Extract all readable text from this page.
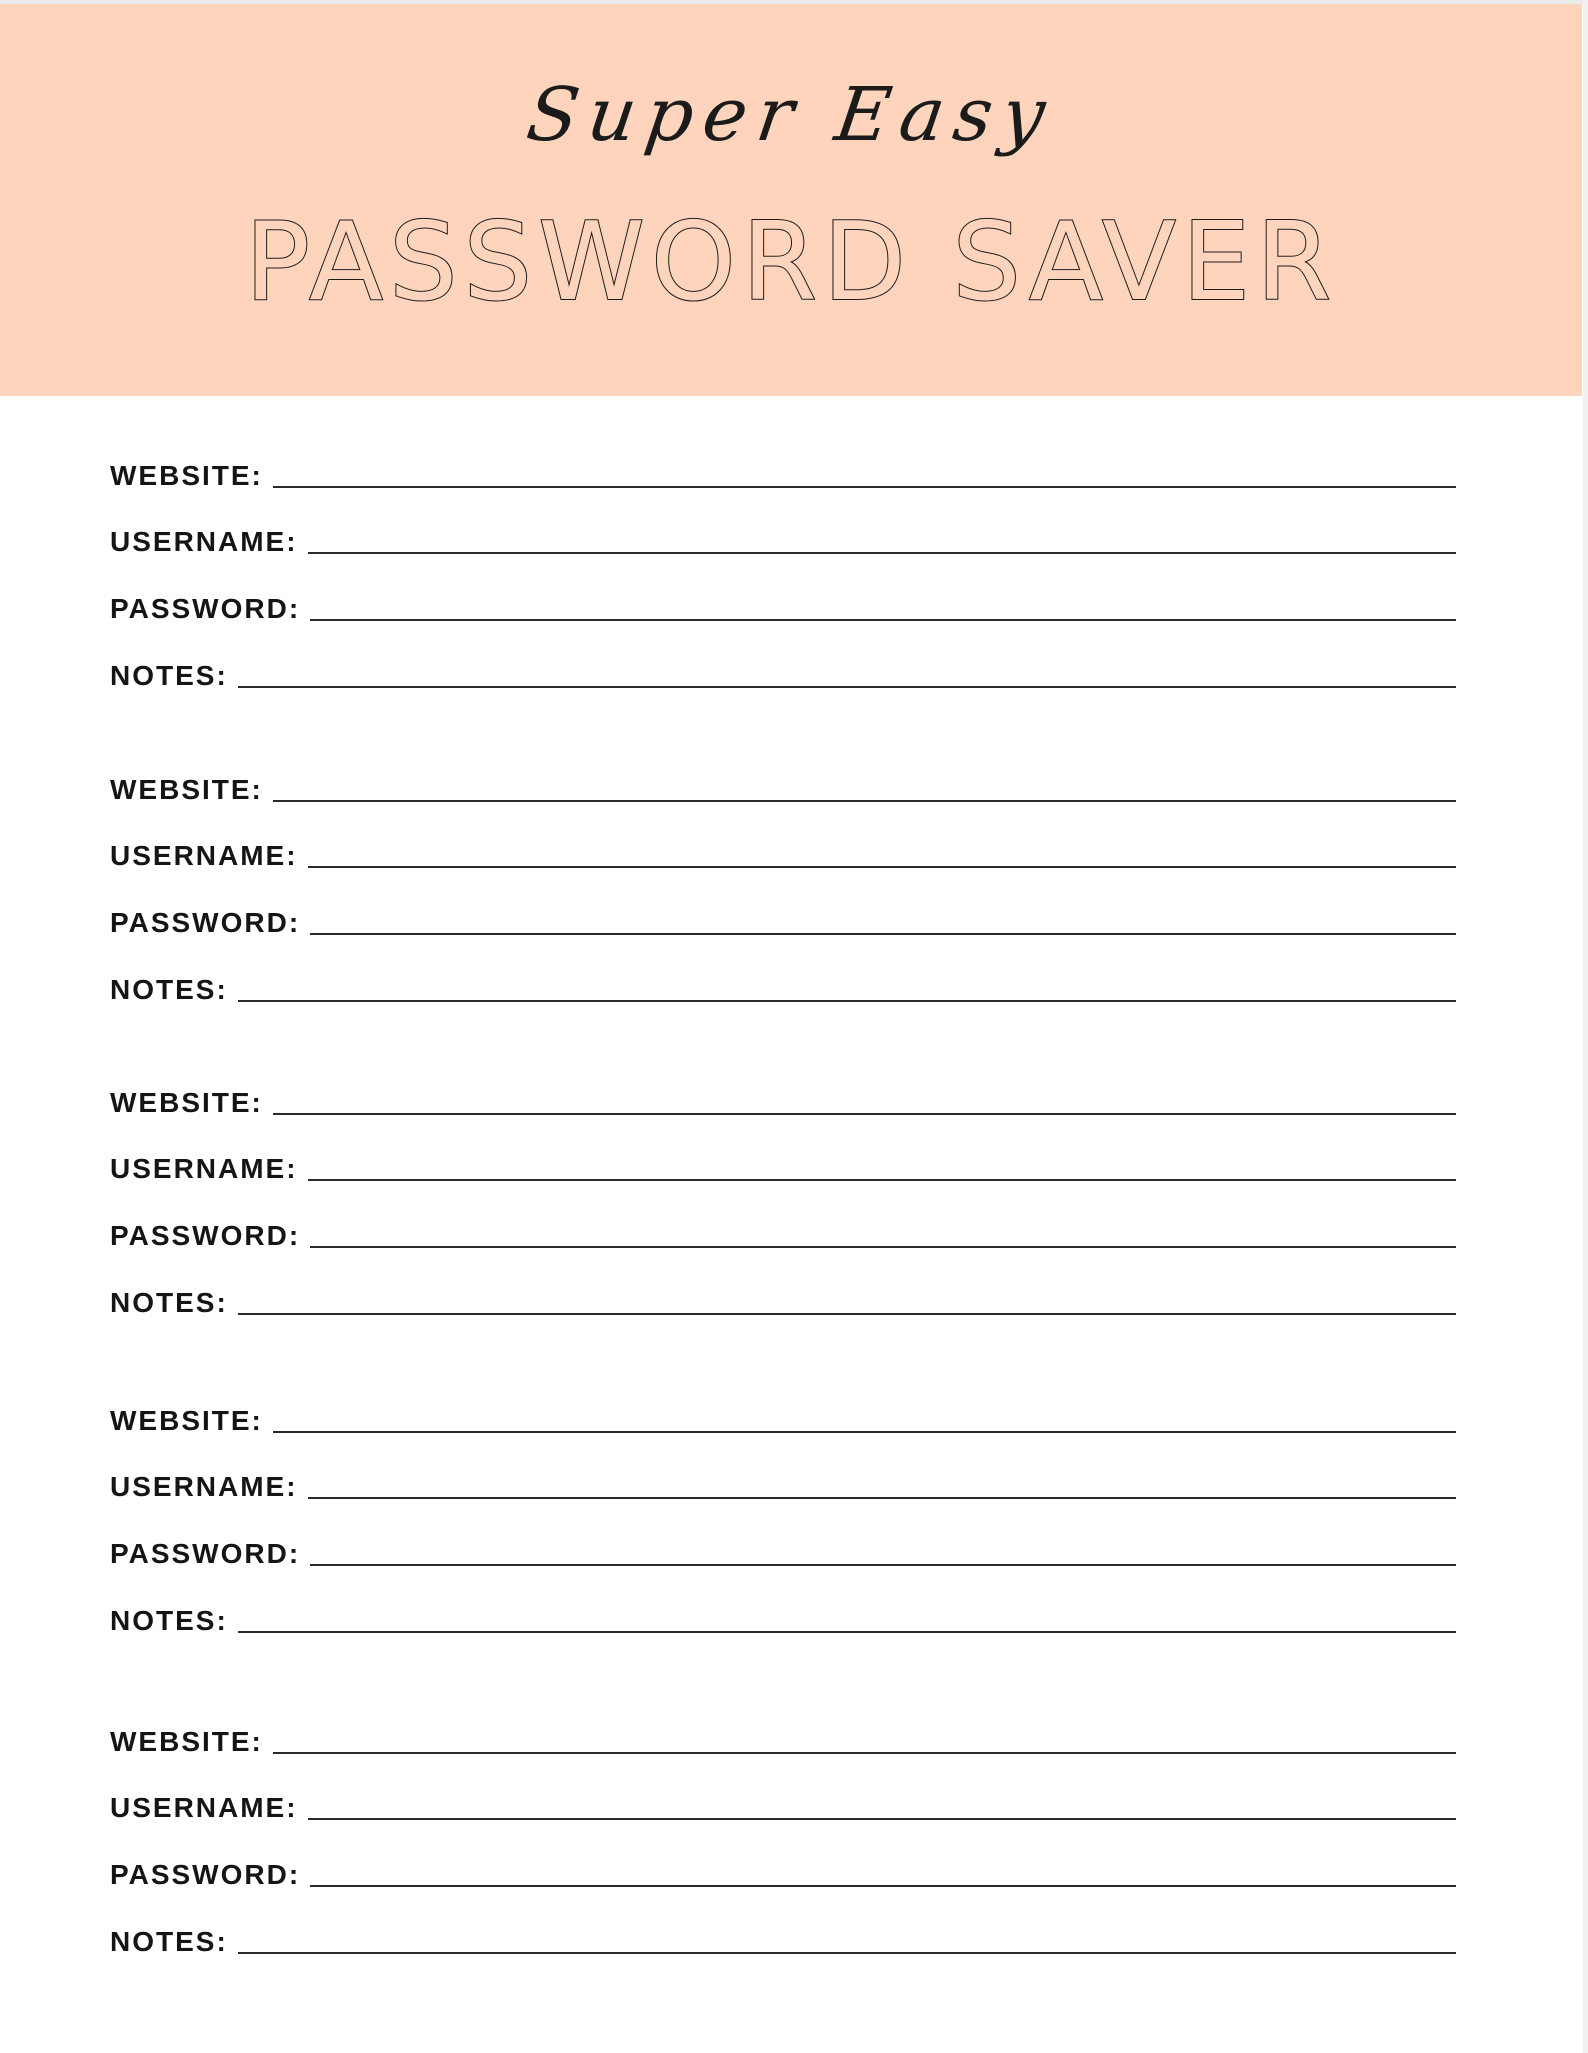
Super Easy
PASSWORD SAVER
WEBSITE:
USERNAME:
PASSWORD:
NOTES:
WEBSITE:
USERNAME:
PASSWORD:
NOTES:
WEBSITE:
USERNAME:
PASSWORD:
NOTES:
WEBSITE:
USERNAME:
PASSWORD:
NOTES:
WEBSITE:
USERNAME:
PASSWORD:
NOTES:
